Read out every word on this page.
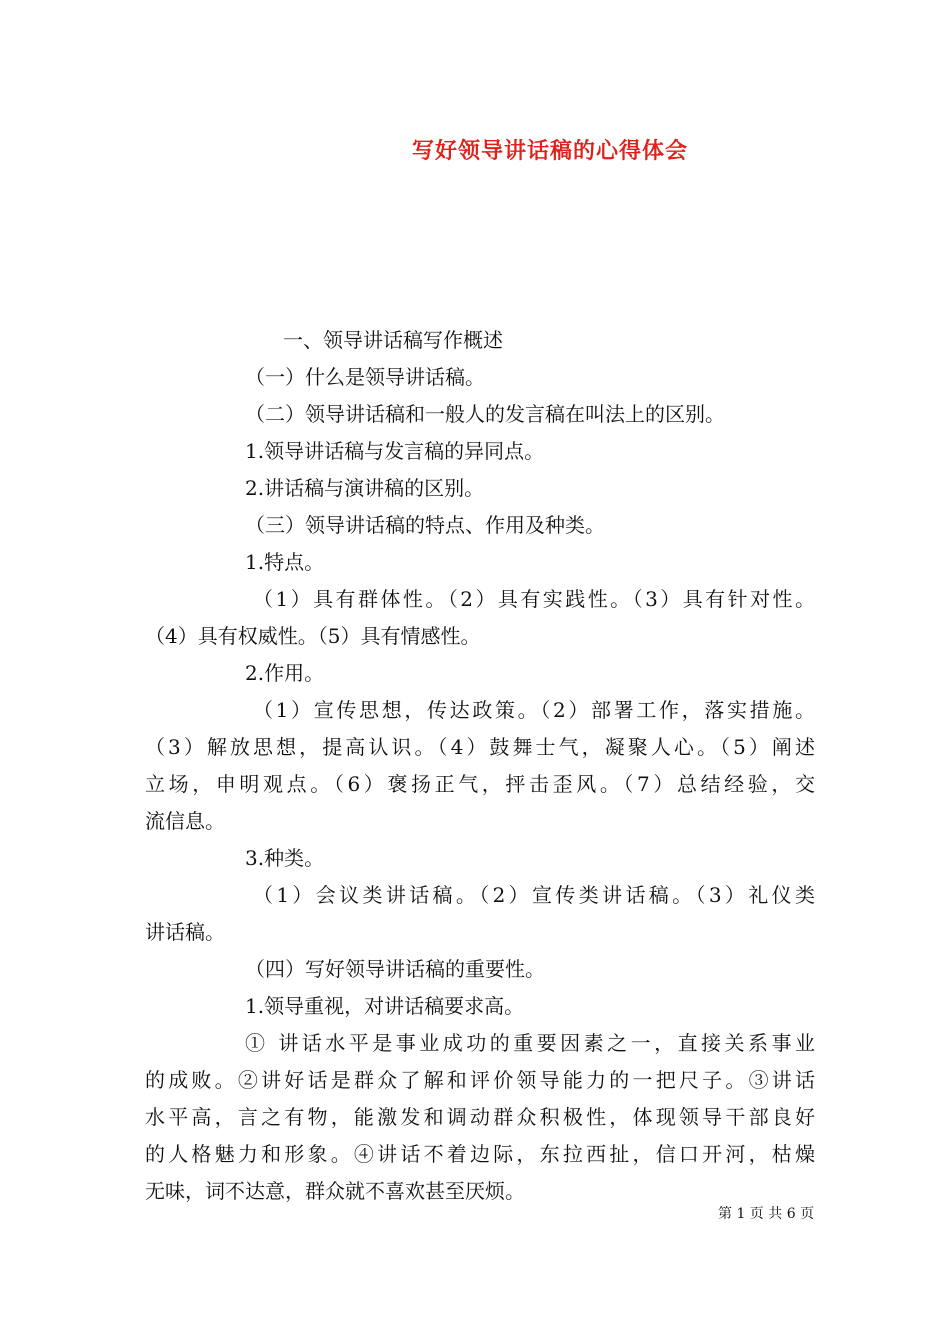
写好领导讲话稿的心得体会
一、领导讲话稿写作概述
（一）什么是领导讲话稿。
（二）领导讲话稿和一般人的发言稿在叫法上的区别。
1.领导讲话稿与发言稿的异同点。
2.讲话稿与演讲稿的区别。
（三）领导讲话稿的特点、作用及种类。
1.特点。
（1）具有群体性。（2）具有实践性。（3）具有针对性。
（4）具有权威性。（5）具有情感性。
2.作用。
（1）宣传思想，传达政策。（2）部署工作，落实措施。
（3）解放思想，提高认识。（4）鼓舞士气，凝聚人心。（5）阐述
立场，申明观点。（6）褒扬正气，抨击歪风。（7）总结经验，交
流信息。
3.种类。
（1）会议类讲话稿。（2）宣传类讲话稿。（3）礼仪类
讲话稿。
（四）写好领导讲话稿的重要性。
1.领导重视，对讲话稿要求高。
① 讲话水平是事业成功的重要因素之一，直接关系事业
的成败。②讲好话是群众了解和评价领导能力的一把尺子。③讲话
水平高，言之有物，能激发和调动群众积极性，体现领导干部良好
的人格魅力和形象。④讲话不着边际，东拉西扯，信口开河，枯燥
无味，词不达意，群众就不喜欢甚至厌烦。
第 1 页 共 6 页
